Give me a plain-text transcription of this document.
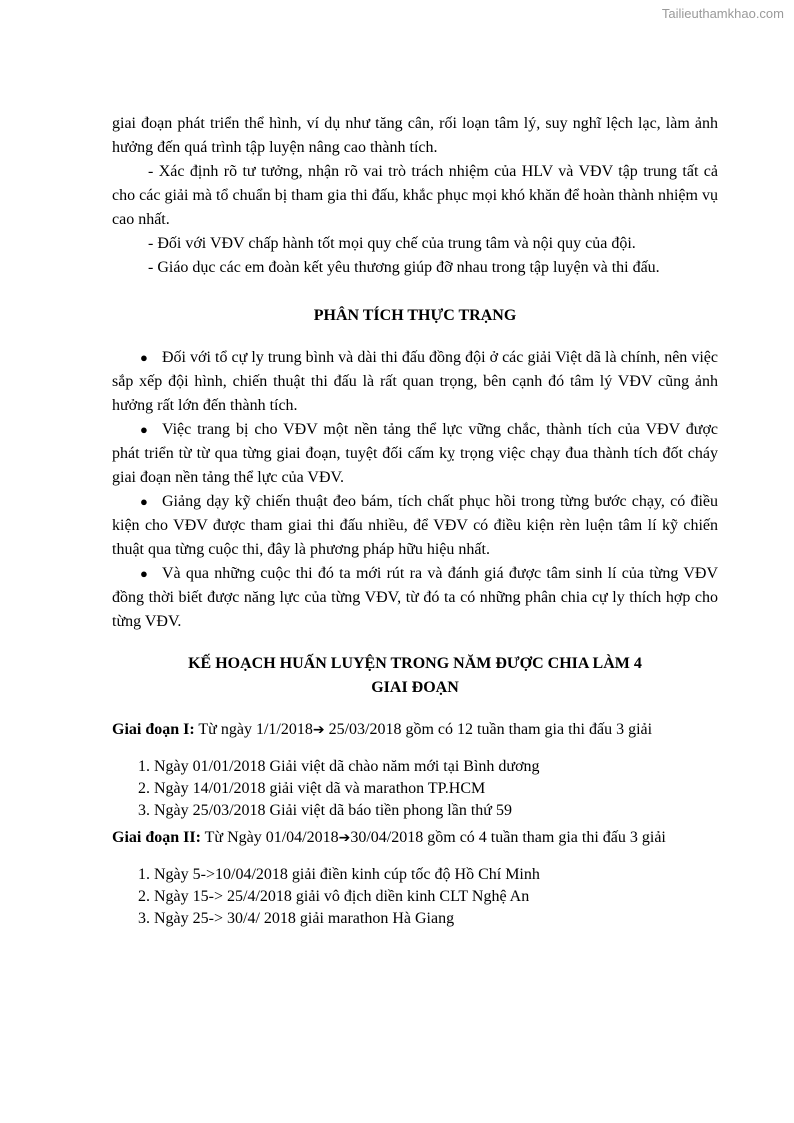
Tailieuthamkhao.com

giai đoạn phát triển thể hình, ví dụ như tăng cân, rối loạn tâm lý, suy nghĩ lệch lạc, làm ảnh hưởng đến quá trình tập luyện nâng cao thành tích.

- Xác định rõ tư tưởng, nhận rõ vai trò trách nhiệm của HLV và VĐV tập trung tất cả cho các giải mà tổ chuẩn bị tham gia thi đấu, khắc phục mọi khó khăn để hoàn thành nhiệm vụ cao nhất.

- Đối với VĐV chấp hành tốt mọi quy chế của trung tâm và nội quy của đội.

- Giáo dục các em đoàn kết yêu thương giúp đỡ nhau trong tập luyện và thi đấu.

PHÂN TÍCH THỰC TRẠNG
● Đối với tổ cự ly trung bình và dài thi đấu đồng đội ở các giải Việt dã là chính, nên việc sắp xếp đội hình, chiến thuật thi đấu là rất quan trọng, bên cạnh đó tâm lý VĐV cũng ảnh hưởng rất lớn đến thành tích.
● Việc trang bị cho VĐV một nền tảng thể lực vững chắc, thành tích của VĐV được phát triển từ từ qua từng giai đoạn, tuyệt đối cấm kỵ trọng việc chạy đua thành tích đốt cháy giai đoạn nền tảng thể lực của VĐV.
● Giảng dạy kỹ chiến thuật đeo bám, tích chất phục hồi trong từng bước chạy, có điều kiện cho VĐV được tham giai thi đấu nhiều, để VĐV có điều kiện rèn luện tâm lí kỹ chiến thuật qua từng cuộc thi, đây là phương pháp hữu hiệu nhất.
● Và qua những cuộc thi đó ta mới rút ra và đánh giá được tâm sinh lí của từng VĐV đồng thời biết được năng lực của từng VĐV, từ đó ta có những phân chia cự ly thích hợp cho từng VĐV.
KẾ HOẠCH HUẤN LUYỆN TRONG NĂM ĐƯỢC CHIA LÀM 4
GIAI ĐOẠN

Giai đoạn I: Từ ngày 1/1/2018➔ 25/03/2018 gồm có 12 tuần tham gia thi đấu 3 giải

1. Ngày 01/01/2018 Giải việt dã chào năm mới tại Bình dương
2. Ngày 14/01/2018 giải việt dã và marathon TP.HCM
3. Ngày 25/03/2018 Giải việt dã báo tiền phong lần thứ 59

Giai đoạn II: Từ Ngày 01/04/2018➔30/04/2018 gồm có 4 tuần tham gia thi đấu 3 giải

1. Ngày 5->10/04/2018 giải điền kinh cúp tốc độ Hồ Chí Minh
2. Ngày 15-> 25/4/2018 giải vô địch diền kinh CLT Nghệ An
3. Ngày 25-> 30/4/ 2018 giải marathon Hà Giang
